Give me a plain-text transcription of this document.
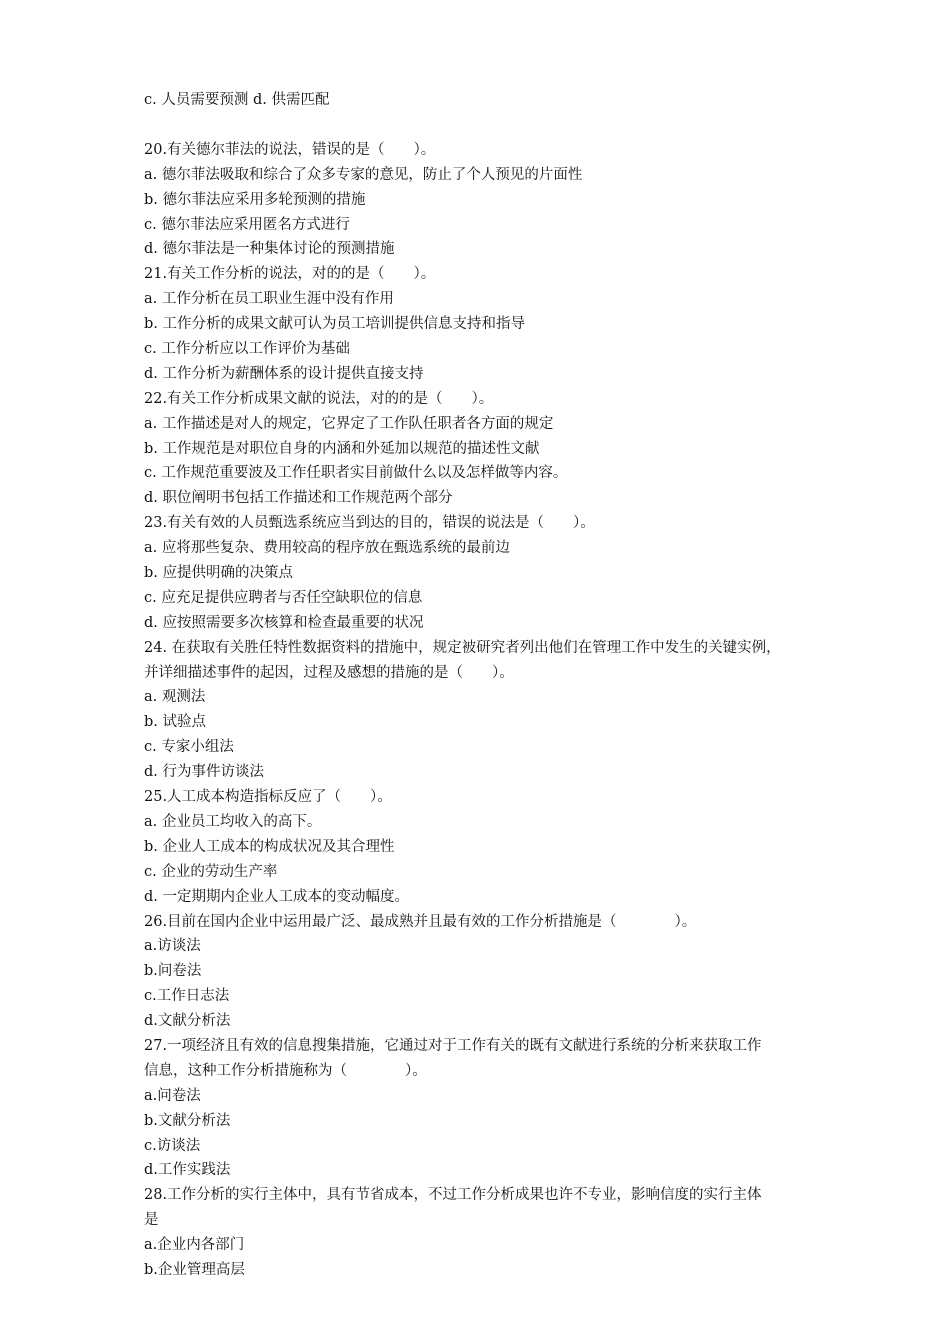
c. 人员需要预测 d. 供需匹配
20.有关德尔菲法的说法，错误的是（　　）。
a. 德尔菲法吸取和综合了众多专家的意见，防止了个人预见的片面性
b. 德尔菲法应采用多轮预测的措施
c. 德尔菲法应采用匿名方式进行
d. 德尔菲法是一种集体讨论的预测措施
21.有关工作分析的说法，对的的是（　　）。
a. 工作分析在员工职业生涯中没有作用
b. 工作分析的成果文献可认为员工培训提供信息支持和指导
c. 工作分析应以工作评价为基础
d. 工作分析为薪酬体系的设计提供直接支持
22.有关工作分析成果文献的说法，对的的是（　　）。
a. 工作描述是对人的规定，它界定了工作队任职者各方面的规定
b. 工作规范是对职位自身的内涵和外延加以规范的描述性文献
c. 工作规范重要波及工作任职者实目前做什么以及怎样做等内容。
d. 职位阐明书包括工作描述和工作规范两个部分
23.有关有效的人员甄选系统应当到达的目的，错误的说法是（　　）。
a. 应将那些复杂、费用较高的程序放在甄选系统的最前边
b. 应提供明确的决策点
c. 应充足提供应聘者与否任空缺职位的信息
d. 应按照需要多次核算和检查最重要的状况
24. 在获取有关胜任特性数据资料的措施中，规定被研究者列出他们在管理工作中发生的关键实例，
并详细描述事件的起因，过程及感想的措施的是（　　）。
a. 观测法
b. 试验点
c. 专家小组法
d. 行为事件访谈法
25.人工成本构造指标反应了（　　）。
a. 企业员工均收入的高下。
b. 企业人工成本的构成状况及其合理性
c. 企业的劳动生产率
d. 一定期期内企业人工成本的变动幅度。
26.目前在国内企业中运用最广泛、最成熟并且最有效的工作分析措施是（　　　　）。
a.访谈法
b.问卷法
c.工作日志法
d.文献分析法
27.一项经济且有效的信息搜集措施，它通过对于工作有关的既有文献进行系统的分析来获取工作
信息，这种工作分析措施称为（　　　　）。
a.问卷法
b.文献分析法
c.访谈法
d.工作实践法
28.工作分析的实行主体中，具有节省成本，不过工作分析成果也许不专业，影响信度的实行主体
是
a.企业内各部门
b.企业管理高层
